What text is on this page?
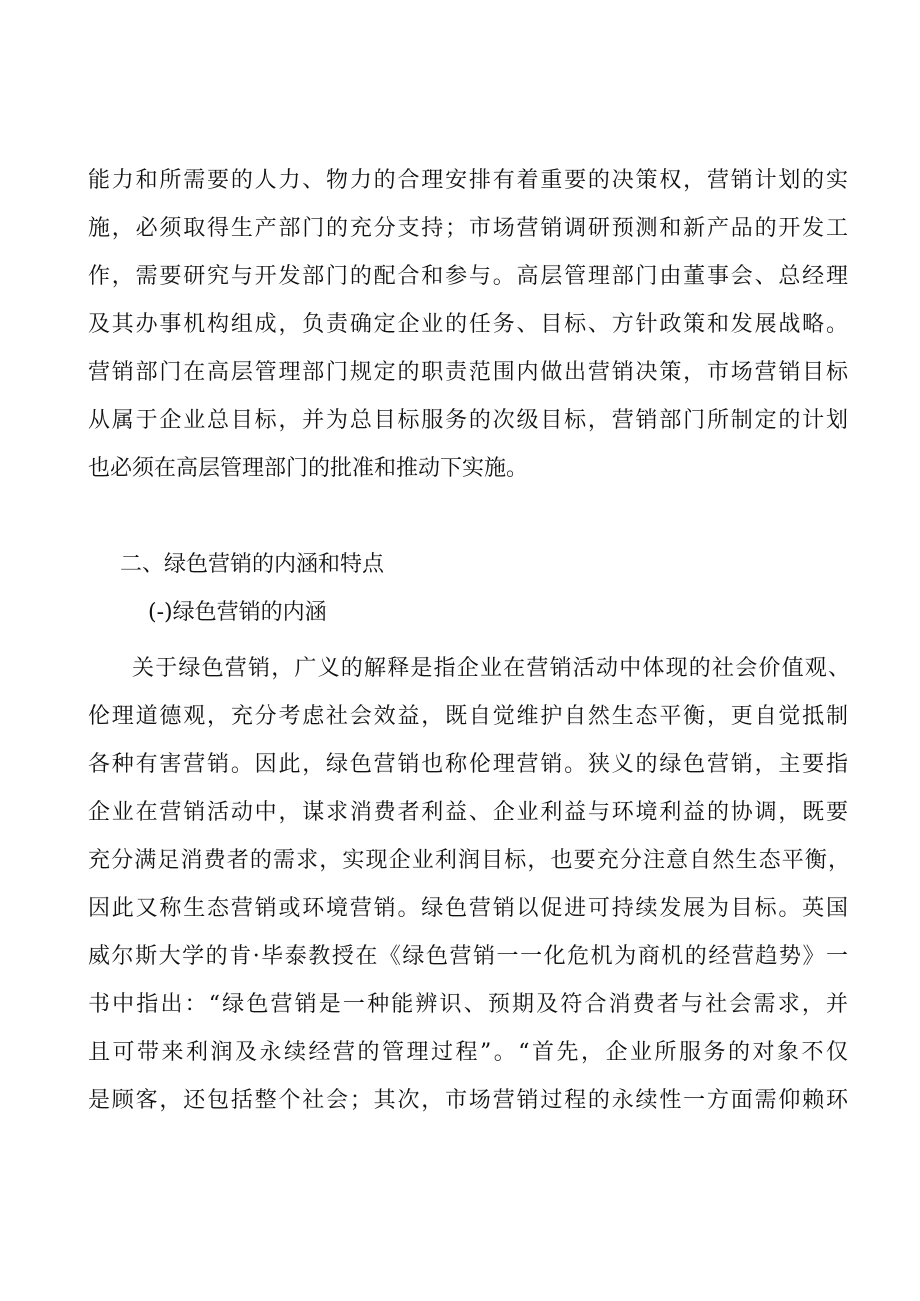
能力和所需要的人力、物力的合理安排有着重要的决策权，营销计划的实
施，必须取得生产部门的充分支持；市场营销调研预测和新产品的开发工
作，需要研究与开发部门的配合和参与。高层管理部门由董事会、总经理
及其办事机构组成，负责确定企业的任务、目标、方针政策和发展战略。
营销部门在高层管理部门规定的职责范围内做出营销决策，市场营销目标
从属于企业总目标，并为总目标服务的次级目标，营销部门所制定的计划
也必须在高层管理部门的批准和推动下实施。
二、绿色营销的内涵和特点
(-)绿色营销的内涵
关于绿色营销，广义的解释是指企业在营销活动中体现的社会价值观、
伦理道德观，充分考虑社会效益，既自觉维护自然生态平衡，更自觉抵制
各种有害营销。因此，绿色营销也称伦理营销。狭义的绿色营销，主要指
企业在营销活动中，谋求消费者利益、企业利益与环境利益的协调，既要
充分满足消费者的需求，实现企业利润目标，也要充分注意自然生态平衡，
因此又称生态营销或环境营销。绿色营销以促进可持续发展为目标。英国
威尔斯大学的肯·毕泰教授在《绿色营销一一化危机为商机的经营趋势》一
书中指出：“绿色营销是一种能辨识、预期及符合消费者与社会需求，并
且可带来利润及永续经营的管理过程”。“首先，企业所服务的对象不仅
是顾客，还包括整个社会；其次，市场营销过程的永续性一方面需仰赖环
